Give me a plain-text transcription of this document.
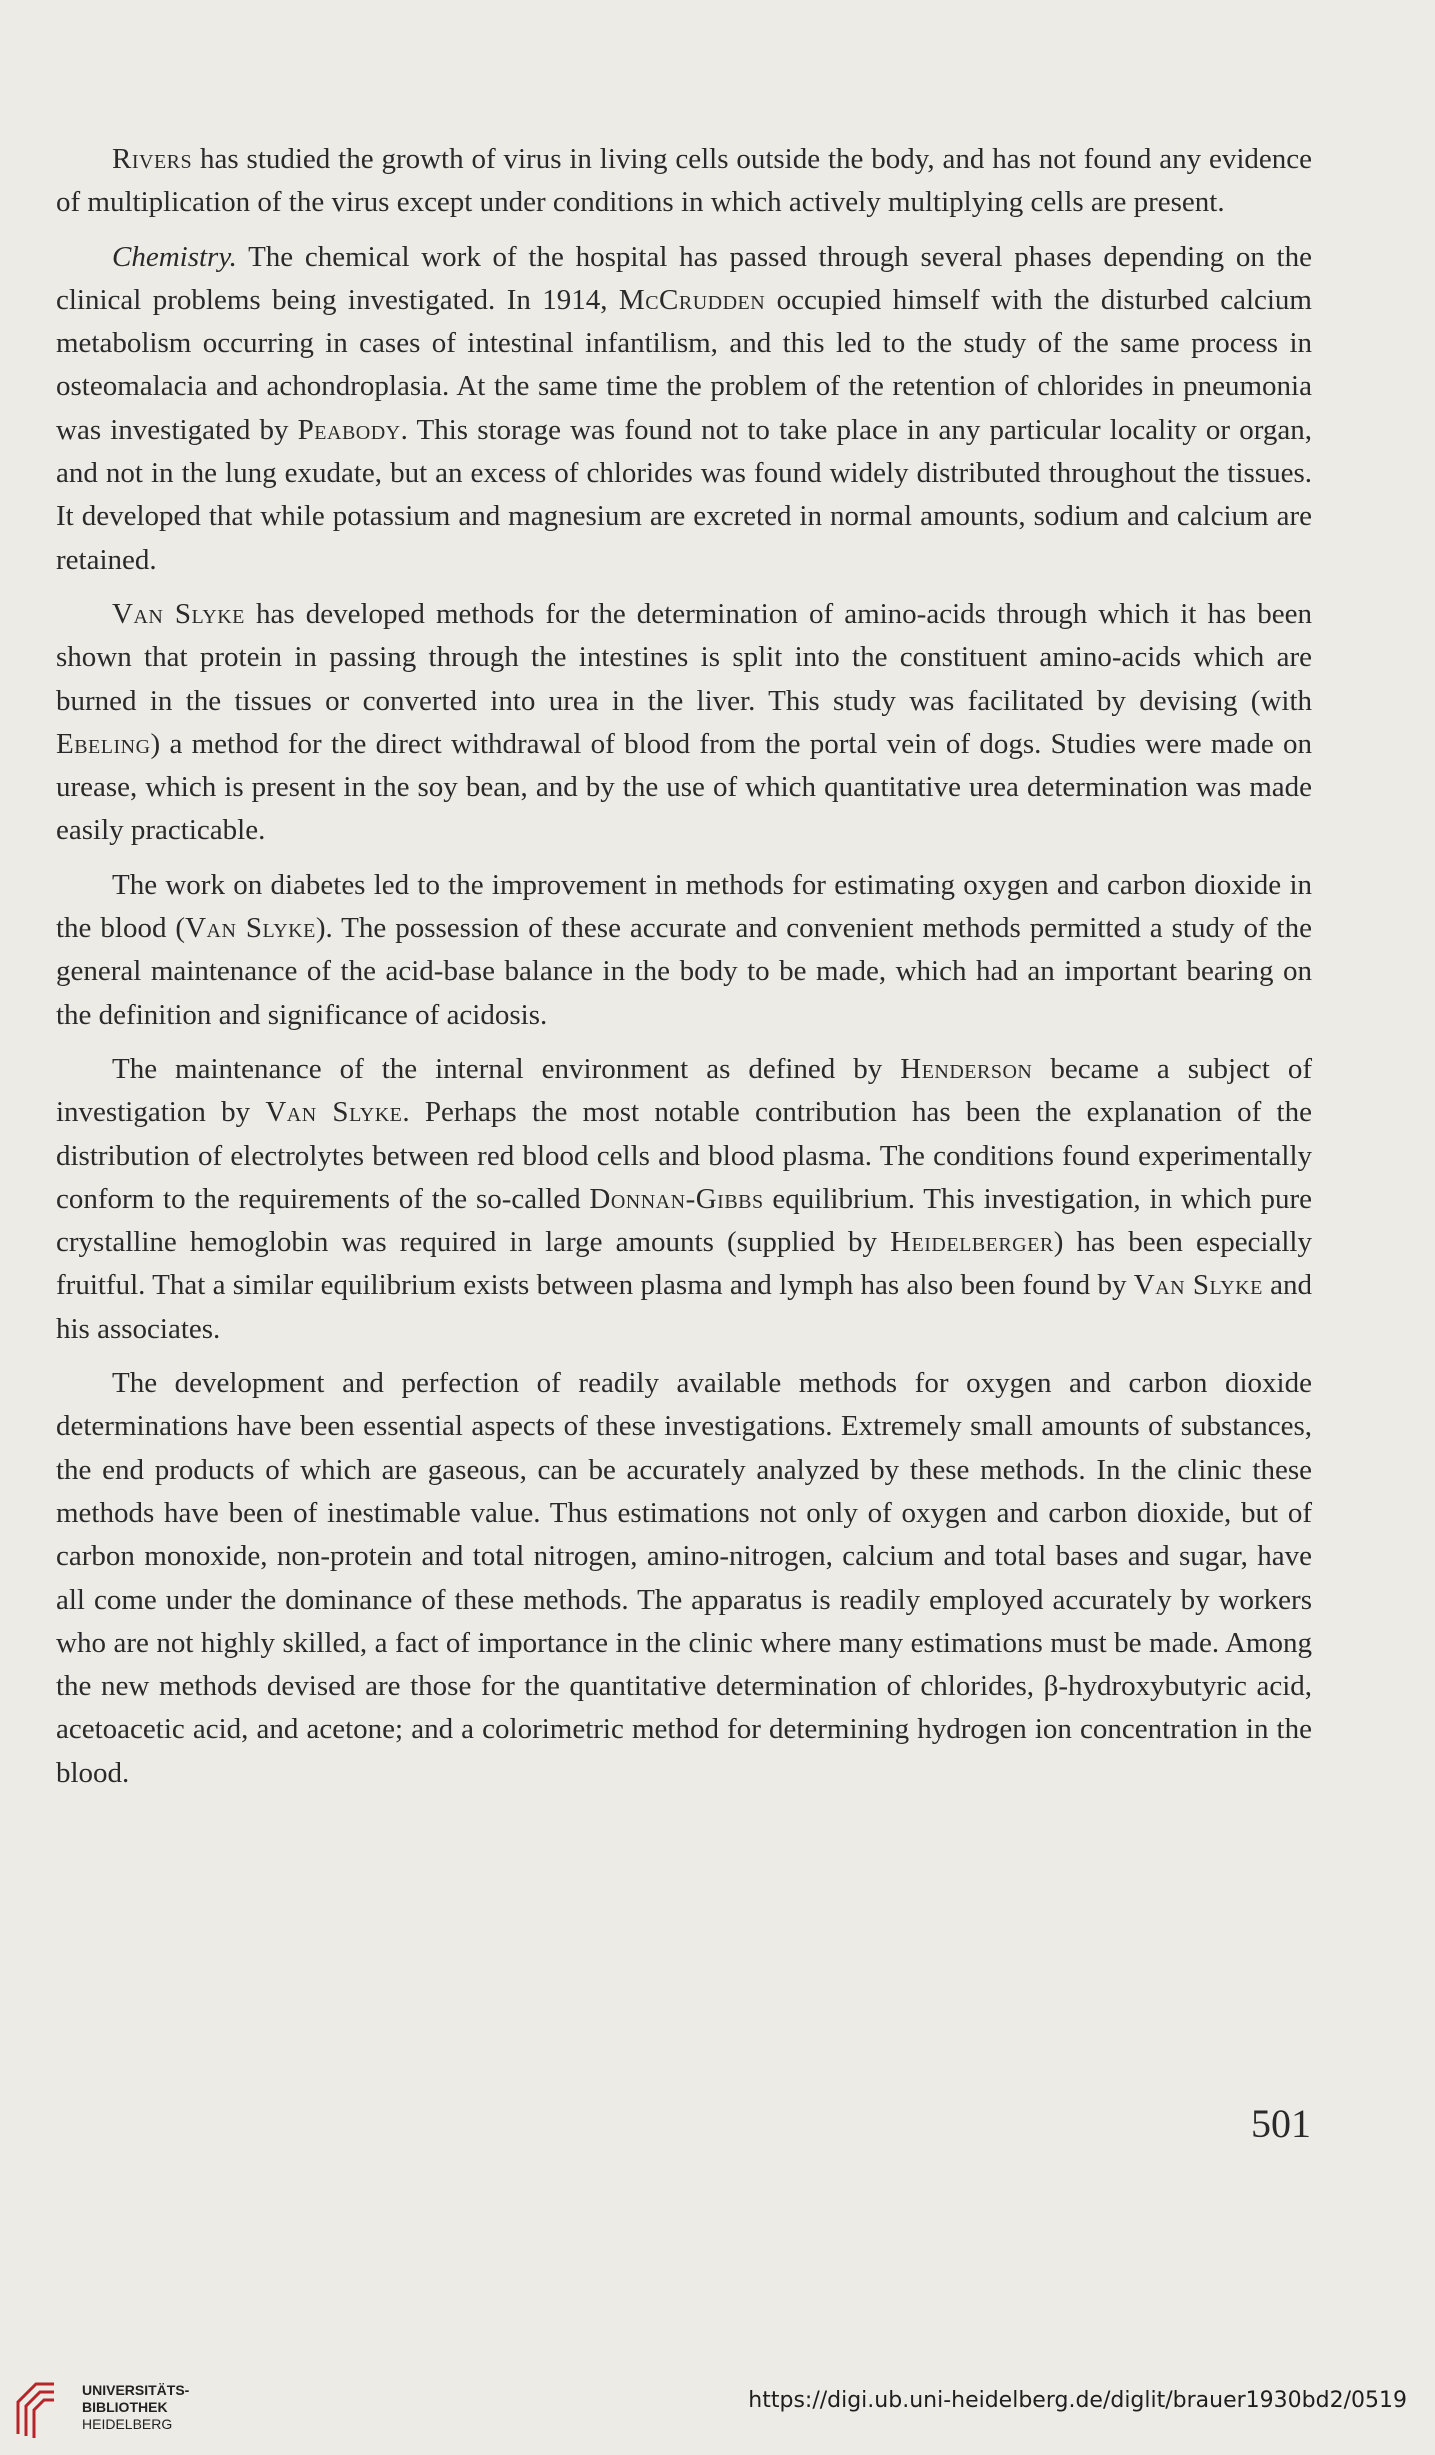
Rivers has studied the growth of virus in living cells outside the body, and has not found any evidence of multiplication of the virus except under conditions in which actively multiplying cells are present.

Chemistry. The chemical work of the hospital has passed through several phases depending on the clinical problems being investigated. In 1914, McCrudden occupied himself with the disturbed calcium metabolism occurring in cases of intestinal infantilism, and this led to the study of the same process in osteomalacia and achondroplasia. At the same time the problem of the retention of chlorides in pneumonia was investigated by Peabody. This storage was found not to take place in any particular locality or organ, and not in the lung exudate, but an excess of chlorides was found widely distributed throughout the tissues. It developed that while potassium and magnesium are excreted in normal amounts, sodium and calcium are retained.

Van Slyke has developed methods for the determination of amino-acids through which it has been shown that protein in passing through the intestines is split into the constituent amino-acids which are burned in the tissues or converted into urea in the liver. This study was facilitated by devising (with Ebeling) a method for the direct withdrawal of blood from the portal vein of dogs. Studies were made on urease, which is present in the soy bean, and by the use of which quantitative urea determination was made easily practicable.

The work on diabetes led to the improvement in methods for estimating oxygen and carbon dioxide in the blood (Van Slyke). The possession of these accurate and convenient methods permitted a study of the general maintenance of the acid-base balance in the body to be made, which had an important bearing on the definition and significance of acidosis.

The maintenance of the internal environment as defined by Henderson became a subject of investigation by Van Slyke. Perhaps the most notable contribution has been the explanation of the distribution of electrolytes between red blood cells and blood plasma. The conditions found experimentally conform to the requirements of the so-called Donnan-Gibbs equilibrium. This investigation, in which pure crystalline hemoglobin was required in large amounts (supplied by Heidelberger) has been especially fruitful. That a similar equilibrium exists between plasma and lymph has also been found by Van Slyke and his associates.

The development and perfection of readily available methods for oxygen and carbon dioxide determinations have been essential aspects of these investigations. Extremely small amounts of substances, the end products of which are gaseous, can be accurately analyzed by these methods. In the clinic these methods have been of inestimable value. Thus estimations not only of oxygen and carbon dioxide, but of carbon monoxide, non-protein and total nitrogen, amino-nitrogen, calcium and total bases and sugar, have all come under the dominance of these methods. The apparatus is readily employed accurately by workers who are not highly skilled, a fact of importance in the clinic where many estimations must be made. Among the new methods devised are those for the quantitative determination of chlorides, β-hydroxybutyric acid, acetoacetic acid, and acetone; and a colorimetric method for determining hydrogen ion concentration in the blood.

501
UNIVERSITÄTS-
BIBLIOTHEK
HEIDELBERG
https://digi.ub.uni-heidelberg.de/diglit/brauer1930bd2/0519
